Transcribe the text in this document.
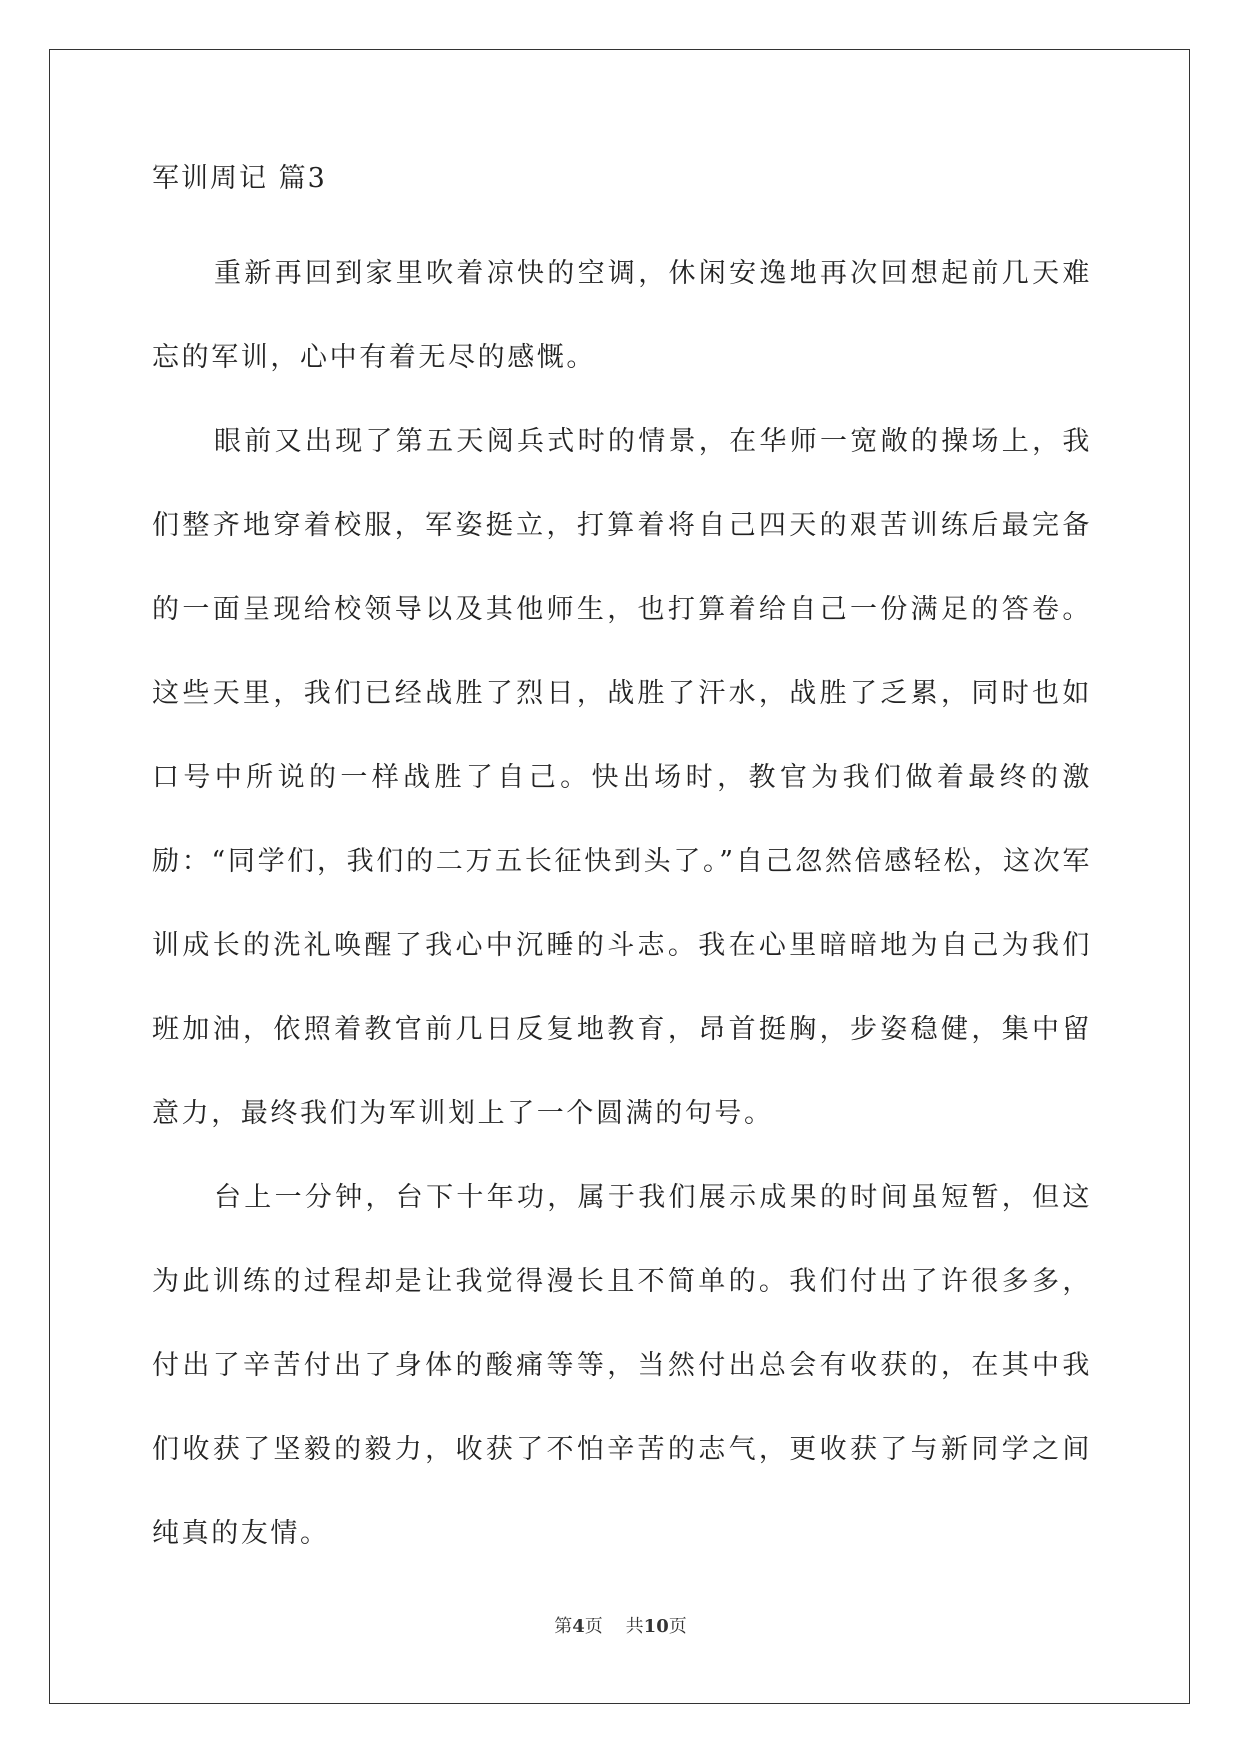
军训周记 篇3

重新再回到家里吹着凉快的空调，休闲安逸地再次回想起前几天难忘的军训，心中有着无尽的感慨。

眼前又出现了第五天阅兵式时的情景，在华师一宽敞的操场上，我们整齐地穿着校服，军姿挺立，打算着将自己四天的艰苦训练后最完备的一面呈现给校领导以及其他师生，也打算着给自己一份满足的答卷。这些天里，我们已经战胜了烈日，战胜了汗水，战胜了乏累，同时也如口号中所说的一样战胜了自己。快出场时，教官为我们做着最终的激励：“同学们，我们的二万五长征快到头了。”自己忽然倍感轻松，这次军训成长的洗礼唤醒了我心中沉睡的斗志。我在心里暗暗地为自己为我们班加油，依照着教官前几日反复地教育，昂首挺胸，步姿稳健，集中留意力，最终我们为军训划上了一个圆满的句号。

台上一分钟，台下十年功，属于我们展示成果的时间虽短暂，但这为此训练的过程却是让我觉得漫长且不简单的。我们付出了许很多多，付出了辛苦付出了身体的酸痛等等，当然付出总会有收获的，在其中我们收获了坚毅的毅力，收获了不怕辛苦的志气，更收获了与新同学之间纯真的友情。

第4页 共10页
